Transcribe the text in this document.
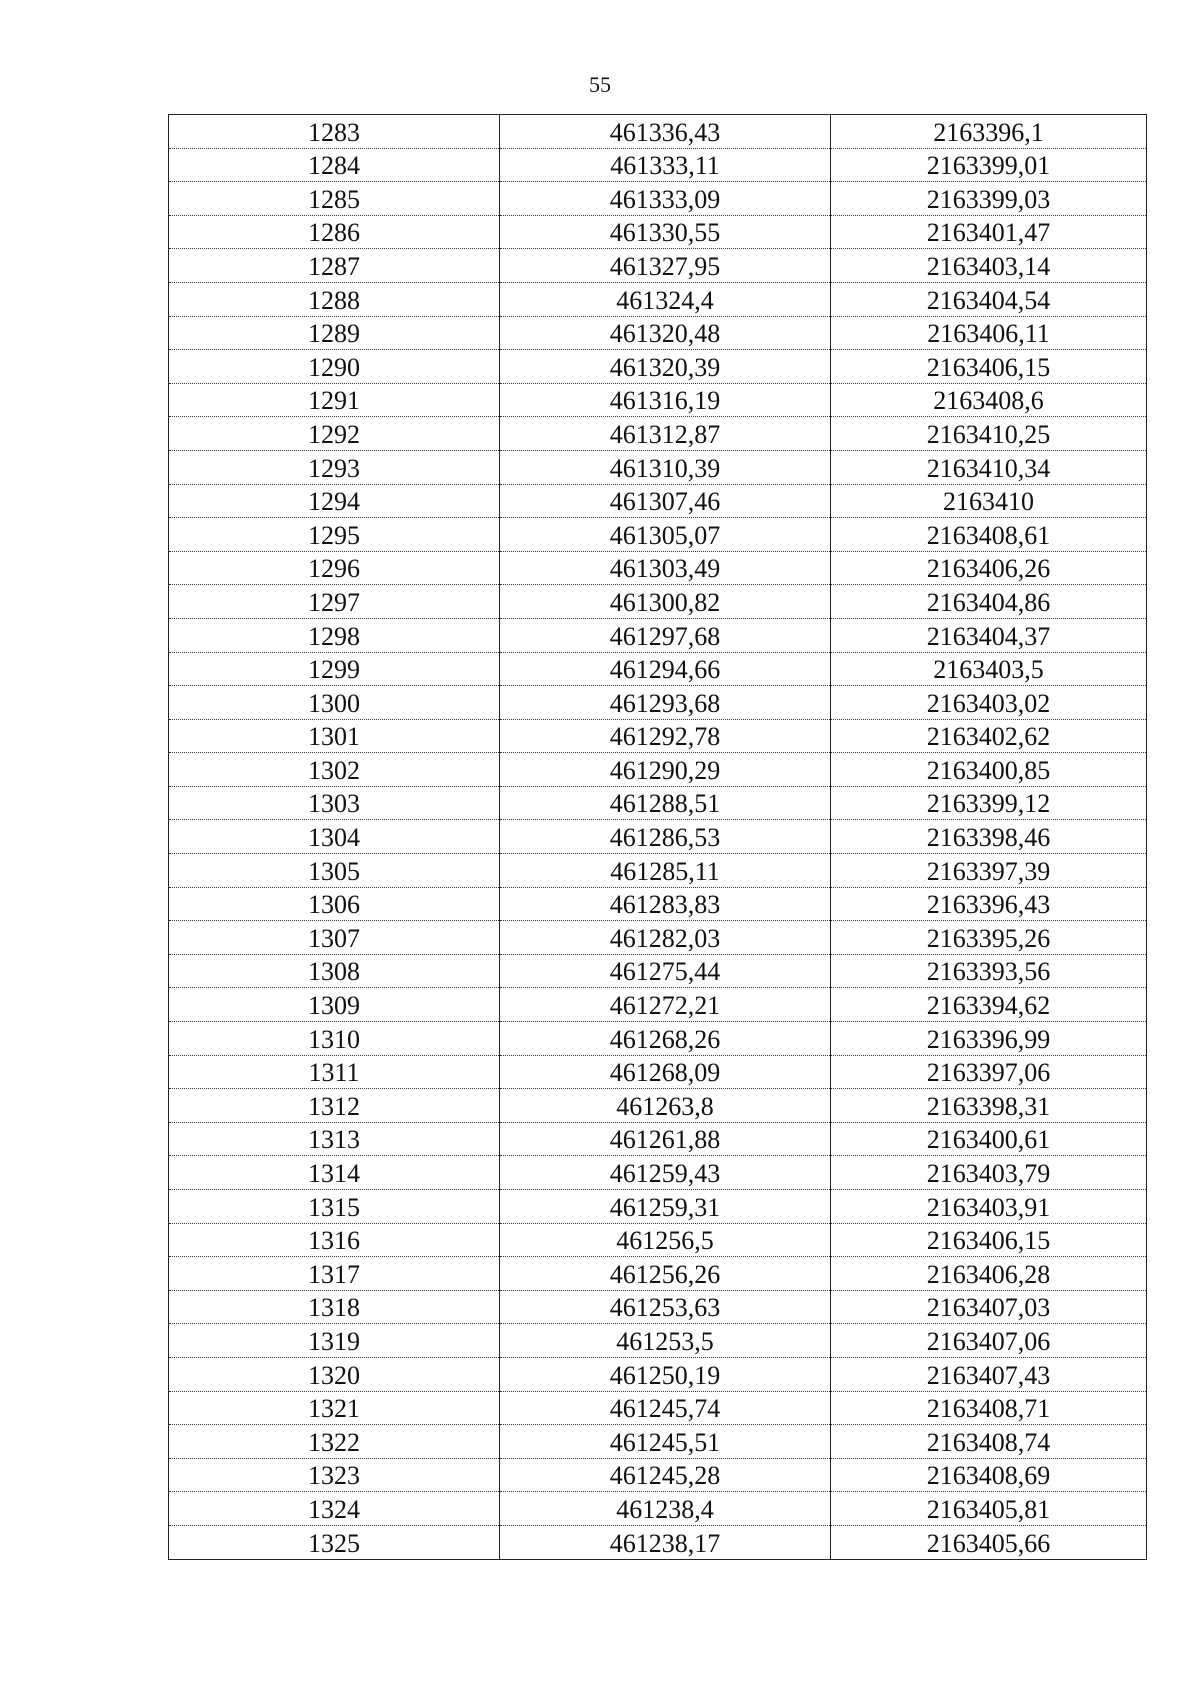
55
1283	461336,43	2163396,1
1284	461333,11	2163399,01
1285	461333,09	2163399,03
1286	461330,55	2163401,47
1287	461327,95	2163403,14
1288	461324,4	2163404,54
1289	461320,48	2163406,11
1290	461320,39	2163406,15
1291	461316,19	2163408,6
1292	461312,87	2163410,25
1293	461310,39	2163410,34
1294	461307,46	2163410
1295	461305,07	2163408,61
1296	461303,49	2163406,26
1297	461300,82	2163404,86
1298	461297,68	2163404,37
1299	461294,66	2163403,5
1300	461293,68	2163403,02
1301	461292,78	2163402,62
1302	461290,29	2163400,85
1303	461288,51	2163399,12
1304	461286,53	2163398,46
1305	461285,11	2163397,39
1306	461283,83	2163396,43
1307	461282,03	2163395,26
1308	461275,44	2163393,56
1309	461272,21	2163394,62
1310	461268,26	2163396,99
1311	461268,09	2163397,06
1312	461263,8	2163398,31
1313	461261,88	2163400,61
1314	461259,43	2163403,79
1315	461259,31	2163403,91
1316	461256,5	2163406,15
1317	461256,26	2163406,28
1318	461253,63	2163407,03
1319	461253,5	2163407,06
1320	461250,19	2163407,43
1321	461245,74	2163408,71
1322	461245,51	2163408,74
1323	461245,28	2163408,69
1324	461238,4	2163405,81
1325	461238,17	2163405,66
